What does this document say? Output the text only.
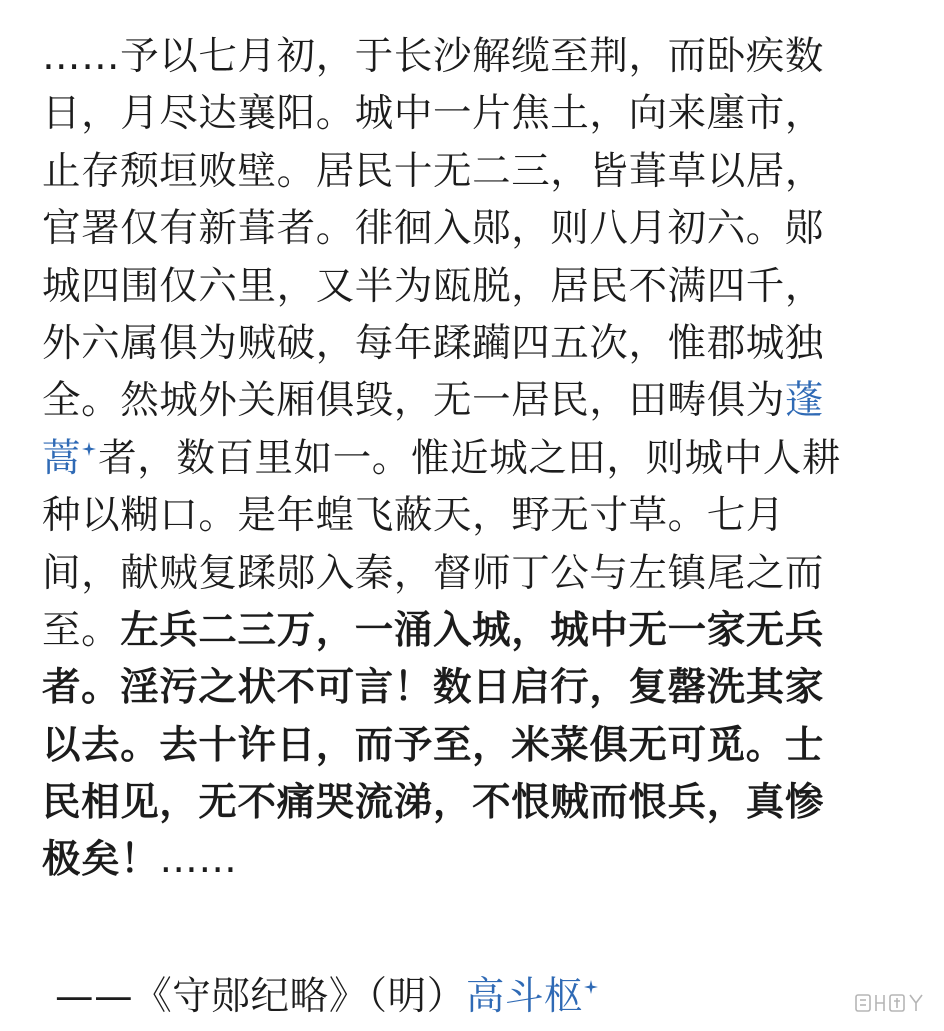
……予以七月初，于长沙解缆至荆，而卧疾数
日，月尽达襄阳。城中一片焦土，向来廛市，
止存颓垣败壁。居民十无二三，皆葺草以居，
官署仅有新葺者。徘徊入郧，则八月初六。郧
城四围仅六里，又半为瓯脱，居民不满四千，
外六属俱为贼破，每年蹂躏四五次，惟郡城独
全。然城外关厢俱毁，无一居民，田畴俱为蓬
蒿 者，数百里如一。惟近城之田，则城中人耕
种以糊口。是年蝗飞蔽天，野无寸草。七月
间，献贼复蹂郧入秦，督师丁公与左镇尾之而
至。左兵二三万，一涌入城，城中无一家无兵
者。淫污之状不可言！数日启行，复罄洗其家
以去。去十许日，而予至，米菜俱无可觅。士
民相见，无不痛哭流涕，不恨贼而恨兵，真惨
极矣！……
——《守郧纪略》（明）高斗枢
